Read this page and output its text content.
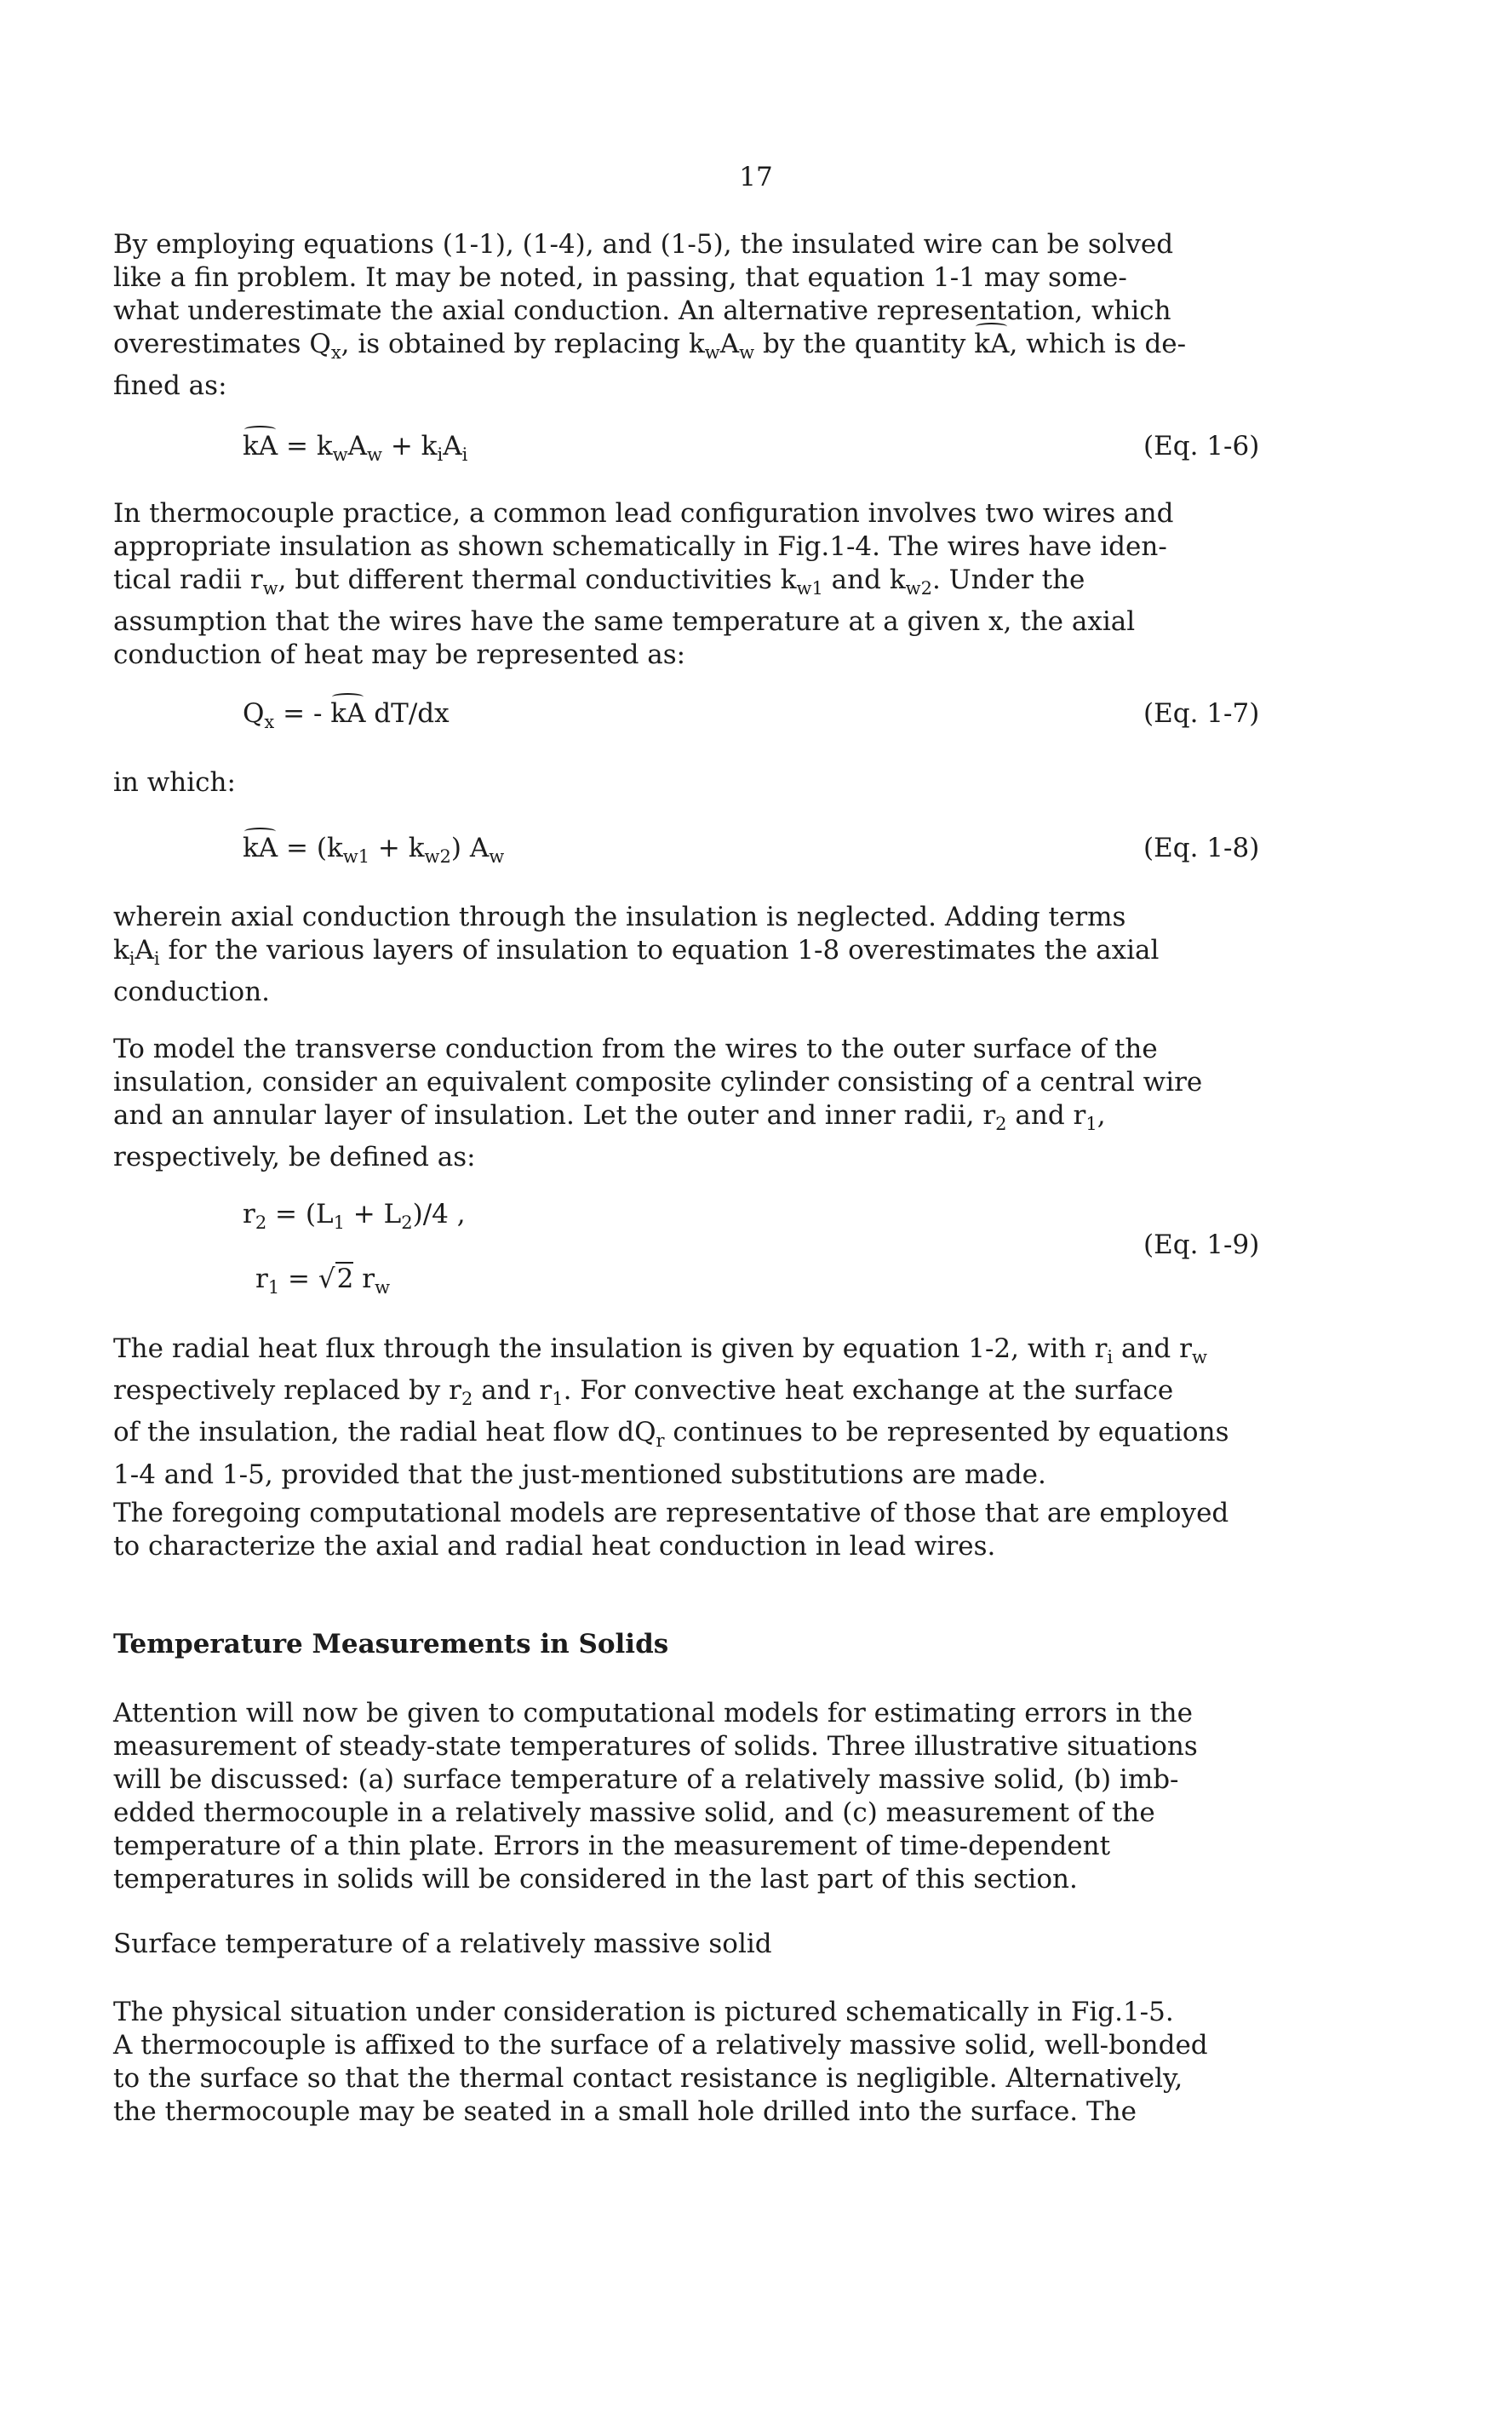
17
By employing equations (1-1), (1-4), and (1-5), the insulated wire can be solved
like a fin problem. It may be noted, in passing, that equation 1-1 may some-
what underestimate the axial conduction. An alternative representation, which
overestimates $Q_x$, is obtained by replacing $k_wA_w$ by the quantity kA, which is de-
fined as:
kA = $k_wA_w + k_iA_i$	(Eq. 1-6)
In thermocouple practice, a common lead configuration involves two wires and
appropriate insulation as shown schematically in Fig.1-4. The wires have iden-
tical radii $r_w$, but different thermal conductivities $k_{w1}$ and $k_{w2}$. Under the
assumption that the wires have the same temperature at a given x, the axial
conduction of heat may be represented as:
$Q_x$ = - kA dT/dx	(Eq. 1-7)
in which:
kA = $(k_{w1} + k_{w2})$ $A_w$	(Eq. 1-8)
wherein axial conduction through the insulation is neglected. Adding terms
$k_iA_i$ for the various layers of insulation to equation 1-8 overestimates the axial
conduction.
To model the transverse conduction from the wires to the outer surface of the
insulation, consider an equivalent composite cylinder consisting of a central wire
and an annular layer of insulation. Let the outer and inner radii, $r_2$ and $r_1$,
respectively, be defined as:
$r_2 = (L_1 + L_2)/4$ ,
$r_1 = √2$ $r_w$
(Eq. 1-9)
The radial heat flux through the insulation is given by equation 1-2, with $r_i$ and $r_w$
respectively replaced by $r_2$ and $r_1$. For convective heat exchange at the surface
of the insulation, the radial heat flow $dQ_r$ continues to be represented by equations
1-4 and 1-5, provided that the just-mentioned substitutions are made.
The foregoing computational models are representative of those that are employed
to characterize the axial and radial heat conduction in lead wires.
Temperature Measurements in Solids
Attention will now be given to computational models for estimating errors in the
measurement of steady-state temperatures of solids. Three illustrative situations
will be discussed: (a) surface temperature of a relatively massive solid, (b) imb-
edded thermocouple in a relatively massive solid, and (c) measurement of the
temperature of a thin plate. Errors in the measurement of time-dependent
temperatures in solids will be considered in the last part of this section.
Surface temperature of a relatively massive solid
The physical situation under consideration is pictured schematically in Fig.1-5.
A thermocouple is affixed to the surface of a relatively massive solid, well-bonded
to the surface so that the thermal contact resistance is negligible. Alternatively,
the thermocouple may be seated in a small hole drilled into the surface. The
